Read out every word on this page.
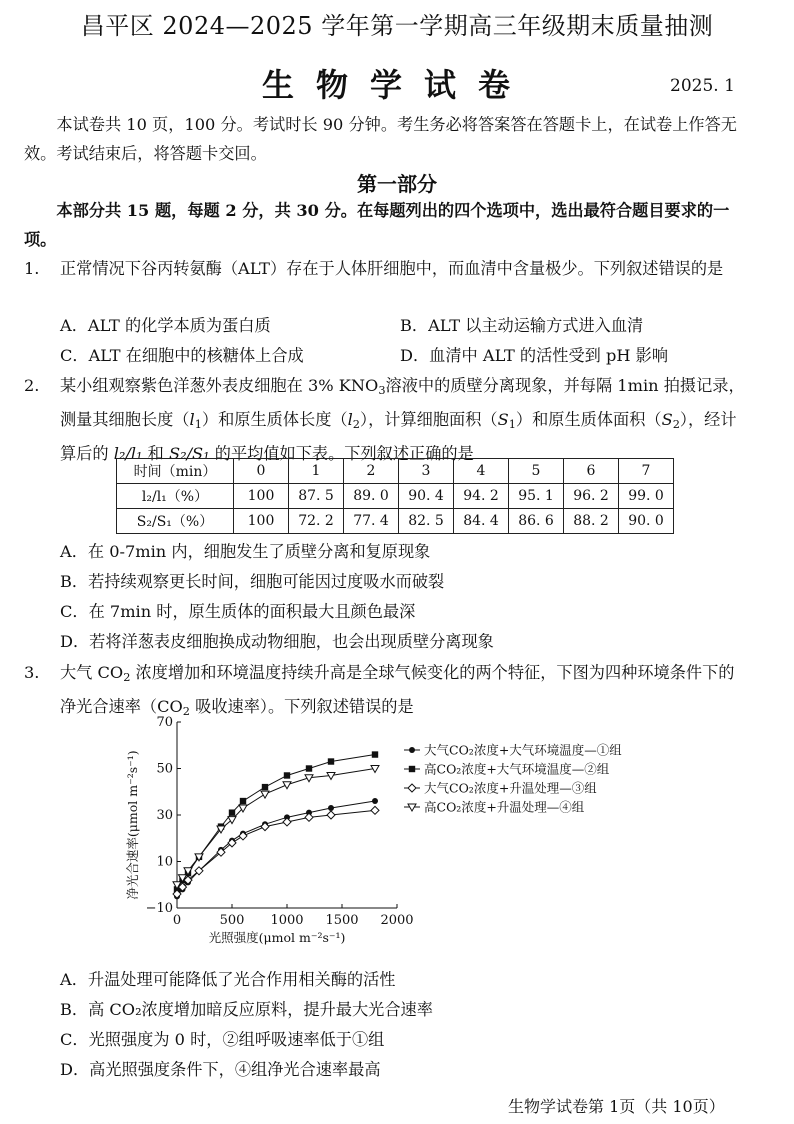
昌平区 2024—2025 学年第一学期高三年级期末质量抽测
生物学试卷	2025. 1
本试卷共 10 页，100 分。考试时长 90 分钟。考生务必将答案答在答题卡上，在试卷上作答无效。考试结束后，将答题卡交回。
第一部分
本部分共 15 题，每题 2 分，共 30 分。在每题列出的四个选项中，选出最符合题目要求的一项。
1. 正常情况下谷丙转氨酶（ALT）存在于人体肝细胞中，而血清中含量极少。下列叙述错误的是
A．ALT 的化学本质为蛋白质	B．ALT 以主动运输方式进入血清
C．ALT 在细胞中的核糖体上合成	D．血清中 ALT 的活性受到 pH 影响
2. 某小组观察紫色洋葱外表皮细胞在 3% $KNO_3$溶液中的质壁分离现象，并每隔 1min 拍摄记录，测量其细胞长度$(l_1)$和原生质体长度$(l_2)$，计算细胞面积$(S_1)$和原生质体面积$(S_2)$，经计算后的 l₂/l₁ 和 S₂/S₁ 的平均值如下表。下列叙述正确的是
时间（min）	0	1	2	3	4	5	6	7
l₂/l₁（%）	100	87. 5	89. 0	90. 4	94. 2	95. 1	96. 2	99. 0
S₂/S₁（%）	100	72. 2	77. 4	82. 5	84. 4	86. 6	88. 2	90. 0
A．在 0-7min 内，细胞发生了质壁分离和复原现象
B．若持续观察更长时间，细胞可能因过度吸水而破裂
C．在 7min 时，原生质体的面积最大且颜色最深
D．若将洋葱表皮细胞换成动物细胞，也会出现质壁分离现象
3. 大气 $CO_2$ 浓度增加和环境温度持续升高是全球气候变化的两个特征，下图为四种环境条件下的净光合速率（$CO_2$ 吸收速率）。下列叙述错误的是
0	500 1000 1500 2000
−10
10
30
50
70
光照强度(μmol m⁻²s⁻¹)
净光合速率(μmol m⁻²s⁻¹)
大气CO₂浓度+大气环境温度—①组
高CO₂浓度+大气环境温度—②组
大气CO₂浓度+升温处理—③组
高CO₂浓度+升温处理—④组
A．升温处理可能降低了光合作用相关酶的活性
B．高 CO₂浓度增加暗反应原料，提升最大光合速率
C．光照强度为 0 时，②组呼吸速率低于①组
D．高光照强度条件下，④组净光合速率最高
生物学试卷第 1页（共 10页）
